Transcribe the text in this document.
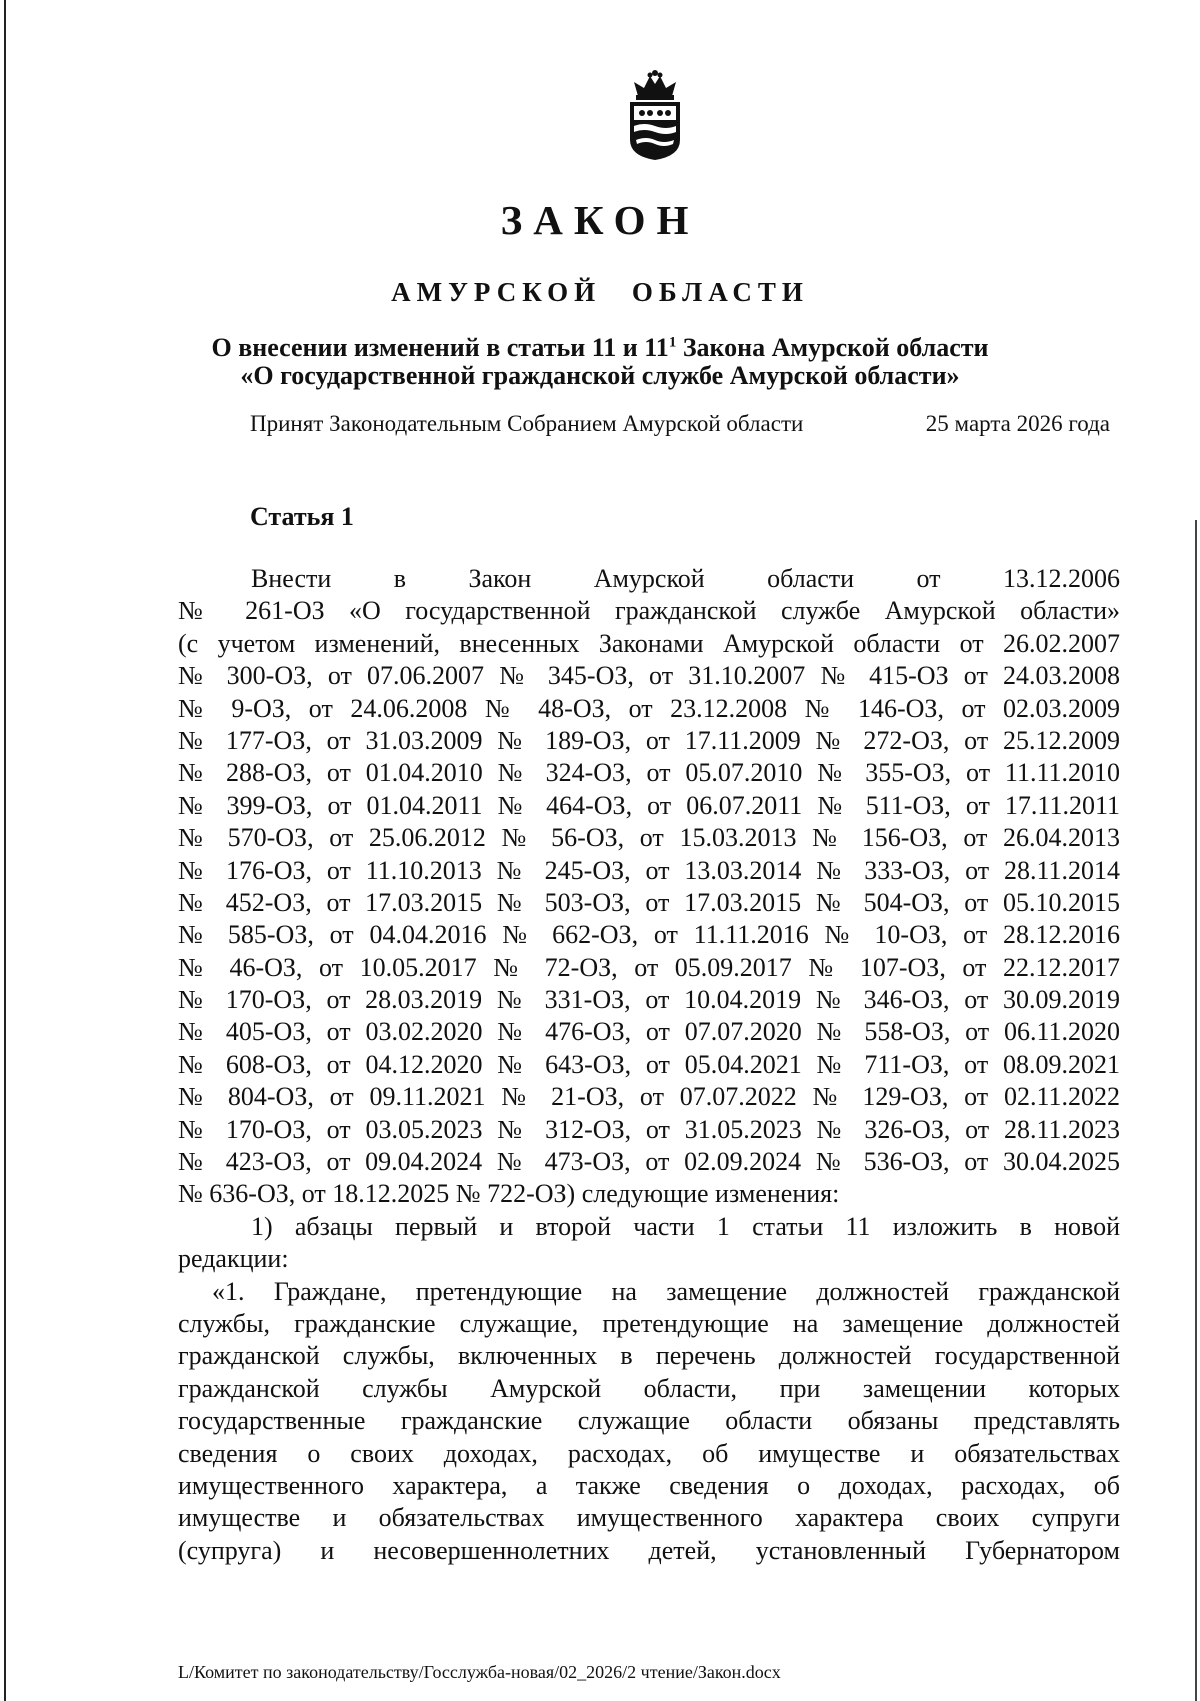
ЗАКОН
АМУРСКОЙ ОБЛАСТИ
О внесении изменений в статьи 11 и $11^1$ Закона Амурской области
«О государственной гражданской службе Амурской области»
Принят Законодательным Собранием Амурской области	25 марта 2026 года
Статья 1
Внести в Закон Амурской области от 13.12.2006
№ 261-ОЗ «О государственной гражданской службе Амурской области»
(с учетом изменений, внесенных Законами Амурской области от 26.02.2007
№ 300-ОЗ, от 07.06.2007 № 345-ОЗ, от 31.10.2007 № 415-ОЗ от 24.03.2008
№ 9-ОЗ, от 24.06.2008 № 48-ОЗ, от 23.12.2008 № 146-ОЗ, от 02.03.2009
№ 177-ОЗ, от 31.03.2009 № 189-ОЗ, от 17.11.2009 № 272-ОЗ, от 25.12.2009
№ 288-ОЗ, от 01.04.2010 № 324-ОЗ, от 05.07.2010 № 355-ОЗ, от 11.11.2010
№ 399-ОЗ, от 01.04.2011 № 464-ОЗ, от 06.07.2011 № 511-ОЗ, от 17.11.2011
№ 570-ОЗ, от 25.06.2012 № 56-ОЗ, от 15.03.2013 № 156-ОЗ, от 26.04.2013
№ 176-ОЗ, от 11.10.2013 № 245-ОЗ, от 13.03.2014 № 333-ОЗ, от 28.11.2014
№ 452-ОЗ, от 17.03.2015 № 503-ОЗ, от 17.03.2015 № 504-ОЗ, от 05.10.2015
№ 585-ОЗ, от 04.04.2016 № 662-ОЗ, от 11.11.2016 № 10-ОЗ, от 28.12.2016
№ 46-ОЗ, от 10.05.2017 № 72-ОЗ, от 05.09.2017 № 107-ОЗ, от 22.12.2017
№ 170-ОЗ, от 28.03.2019 № 331-ОЗ, от 10.04.2019 № 346-ОЗ, от 30.09.2019
№ 405-ОЗ, от 03.02.2020 № 476-ОЗ, от 07.07.2020 № 558-ОЗ, от 06.11.2020
№ 608-ОЗ, от 04.12.2020 № 643-ОЗ, от 05.04.2021 № 711-ОЗ, от 08.09.2021
№ 804-ОЗ, от 09.11.2021 № 21-ОЗ, от 07.07.2022 № 129-ОЗ, от 02.11.2022
№ 170-ОЗ, от 03.05.2023 № 312-ОЗ, от 31.05.2023 № 326-ОЗ, от 28.11.2023
№ 423-ОЗ, от 09.04.2024 № 473-ОЗ, от 02.09.2024 № 536-ОЗ, от 30.04.2025
№ 636-ОЗ, от 18.12.2025 № 722-ОЗ) следующие изменения:
1) абзацы первый и второй части 1 статьи 11 изложить в новой
редакции:
«1. Граждане, претендующие на замещение должностей гражданской
службы, гражданские служащие, претендующие на замещение должностей
гражданской службы, включенных в перечень должностей государственной
гражданской службы Амурской области, при замещении которых
государственные гражданские служащие области обязаны представлять
сведения о своих доходах, расходах, об имуществе и обязательствах
имущественного характера, а также сведения о доходах, расходах, об
имуществе и обязательствах имущественного характера своих супруги
(супруга) и несовершеннолетних детей, установленный Губернатором
L/Комитет по законодательству/Госслужба-новая/02_2026/2 чтение/Закон.docx
